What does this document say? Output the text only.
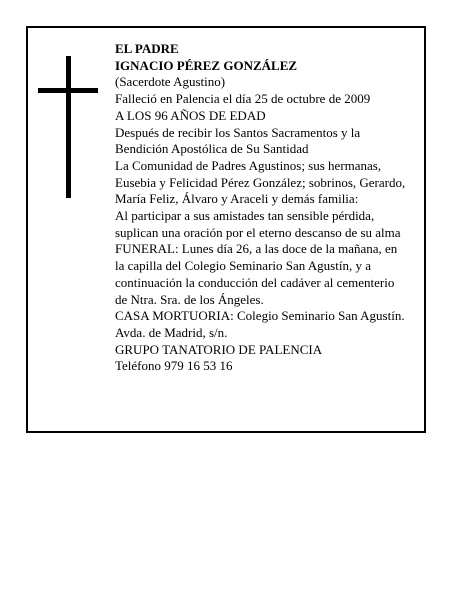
EL PADRE
IGNACIO PÉREZ GONZÁLEZ
(Sacerdote Agustino)
Falleció en Palencia el día 25 de octubre de 2009
A LOS 96 AÑOS DE EDAD
Después de recibir los Santos Sacramentos y la
Bendición Apostólica de Su Santidad
La Comunidad de Padres Agustinos; sus hermanas,
Eusebia y Felicidad Pérez González; sobrinos, Gerardo,
María Feliz, Álvaro y Araceli y demás familia:
Al participar a sus amistades tan sensible pérdida,
suplican una oración por el eterno descanso de su alma
FUNERAL: Lunes día 26, a las doce de la mañana, en
la capilla del Colegio Seminario San Agustín, y a
continuación la conducción del cadáver al cementerio
de Ntra. Sra. de los Ángeles.
CASA MORTUORIA: Colegio Seminario San Agustín.
Avda. de Madrid, s/n.
GRUPO TANATORIO DE PALENCIA
Teléfono 979 16 53 16
